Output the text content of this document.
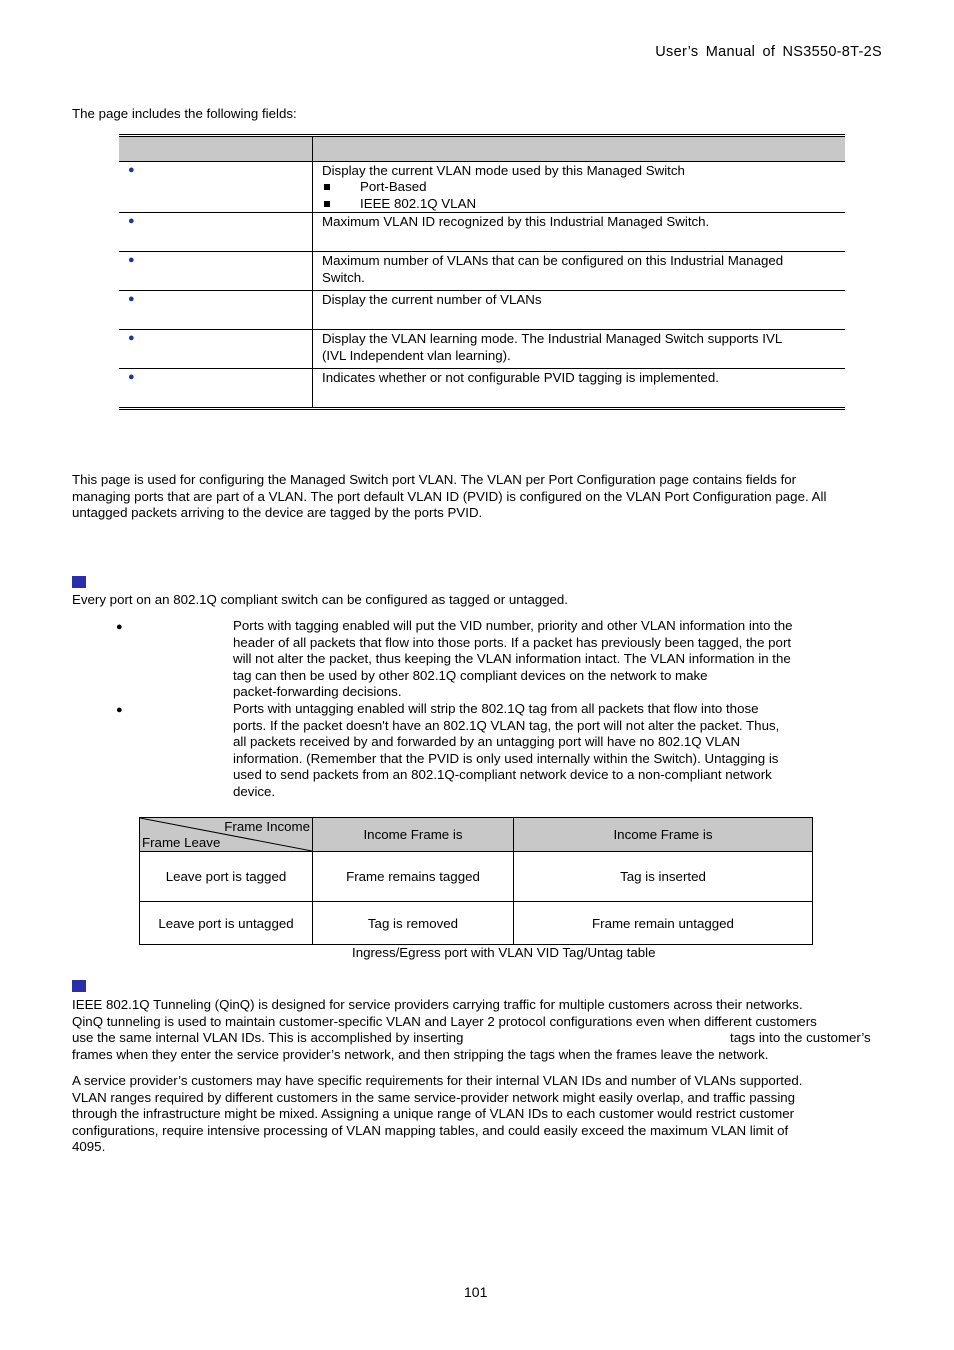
User’s Manual of NS3550-8T-2S
The page includes the following fields:

●	Display the current VLAN mode used by this Managed Switch
Port-Based
IEEE 802.1Q VLAN

●	Maximum VLAN ID recognized by this Industrial Managed Switch.

●	Maximum number of VLANs that can be configured on this Industrial Managed
Switch.

●	Display the current number of VLANs

●	Display the VLAN learning mode. The Industrial Managed Switch supports IVL
(IVL Independent vlan learning).

●	Indicates whether or not configurable PVID tagging is implemented.
This page is used for configuring the Managed Switch port VLAN. The VLAN per Port Configuration page contains fields for
managing ports that are part of a VLAN. The port default VLAN ID (PVID) is configured on the VLAN Port Configuration page. All
untagged packets arriving to the device are tagged by the ports PVID.
Every port on an 802.1Q compliant switch can be configured as tagged or untagged.
●	Ports with tagging enabled will put the VID number, priority and other VLAN information into the
header of all packets that flow into those ports. If a packet has previously been tagged, the port
will not alter the packet, thus keeping the VLAN information intact. The VLAN information in the
tag can then be used by other 802.1Q compliant devices on the network to make
packet-forwarding decisions.
●	Ports with untagging enabled will strip the 802.1Q tag from all packets that flow into those
ports. If the packet doesn't have an 802.1Q VLAN tag, the port will not alter the packet. Thus,
all packets received by and forwarded by an untagging port will have no 802.1Q VLAN
information. (Remember that the PVID is only used internally within the Switch). Untagging is
used to send packets from an 802.1Q-compliant network device to a non-compliant network
device.
Frame Income
Frame Leave	Income Frame is	Income Frame is
Leave port is tagged	Frame remains tagged	Tag is inserted
Leave port is untagged	Tag is removed	Frame remain untagged
Ingress/Egress port with VLAN VID Tag/Untag table
IEEE 802.1Q Tunneling (QinQ) is designed for service providers carrying traffic for multiple customers across their networks.
QinQ tunneling is used to maintain customer-specific VLAN and Layer 2 protocol configurations even when different customers
use the same internal VLAN IDs. This is accomplished by inserting	tags into the customer’s
frames when they enter the service provider’s network, and then stripping the tags when the frames leave the network.
A service provider’s customers may have specific requirements for their internal VLAN IDs and number of VLANs supported.
VLAN ranges required by different customers in the same service-provider network might easily overlap, and traffic passing
through the infrastructure might be mixed. Assigning a unique range of VLAN IDs to each customer would restrict customer
configurations, require intensive processing of VLAN mapping tables, and could easily exceed the maximum VLAN limit of
4095.
101
